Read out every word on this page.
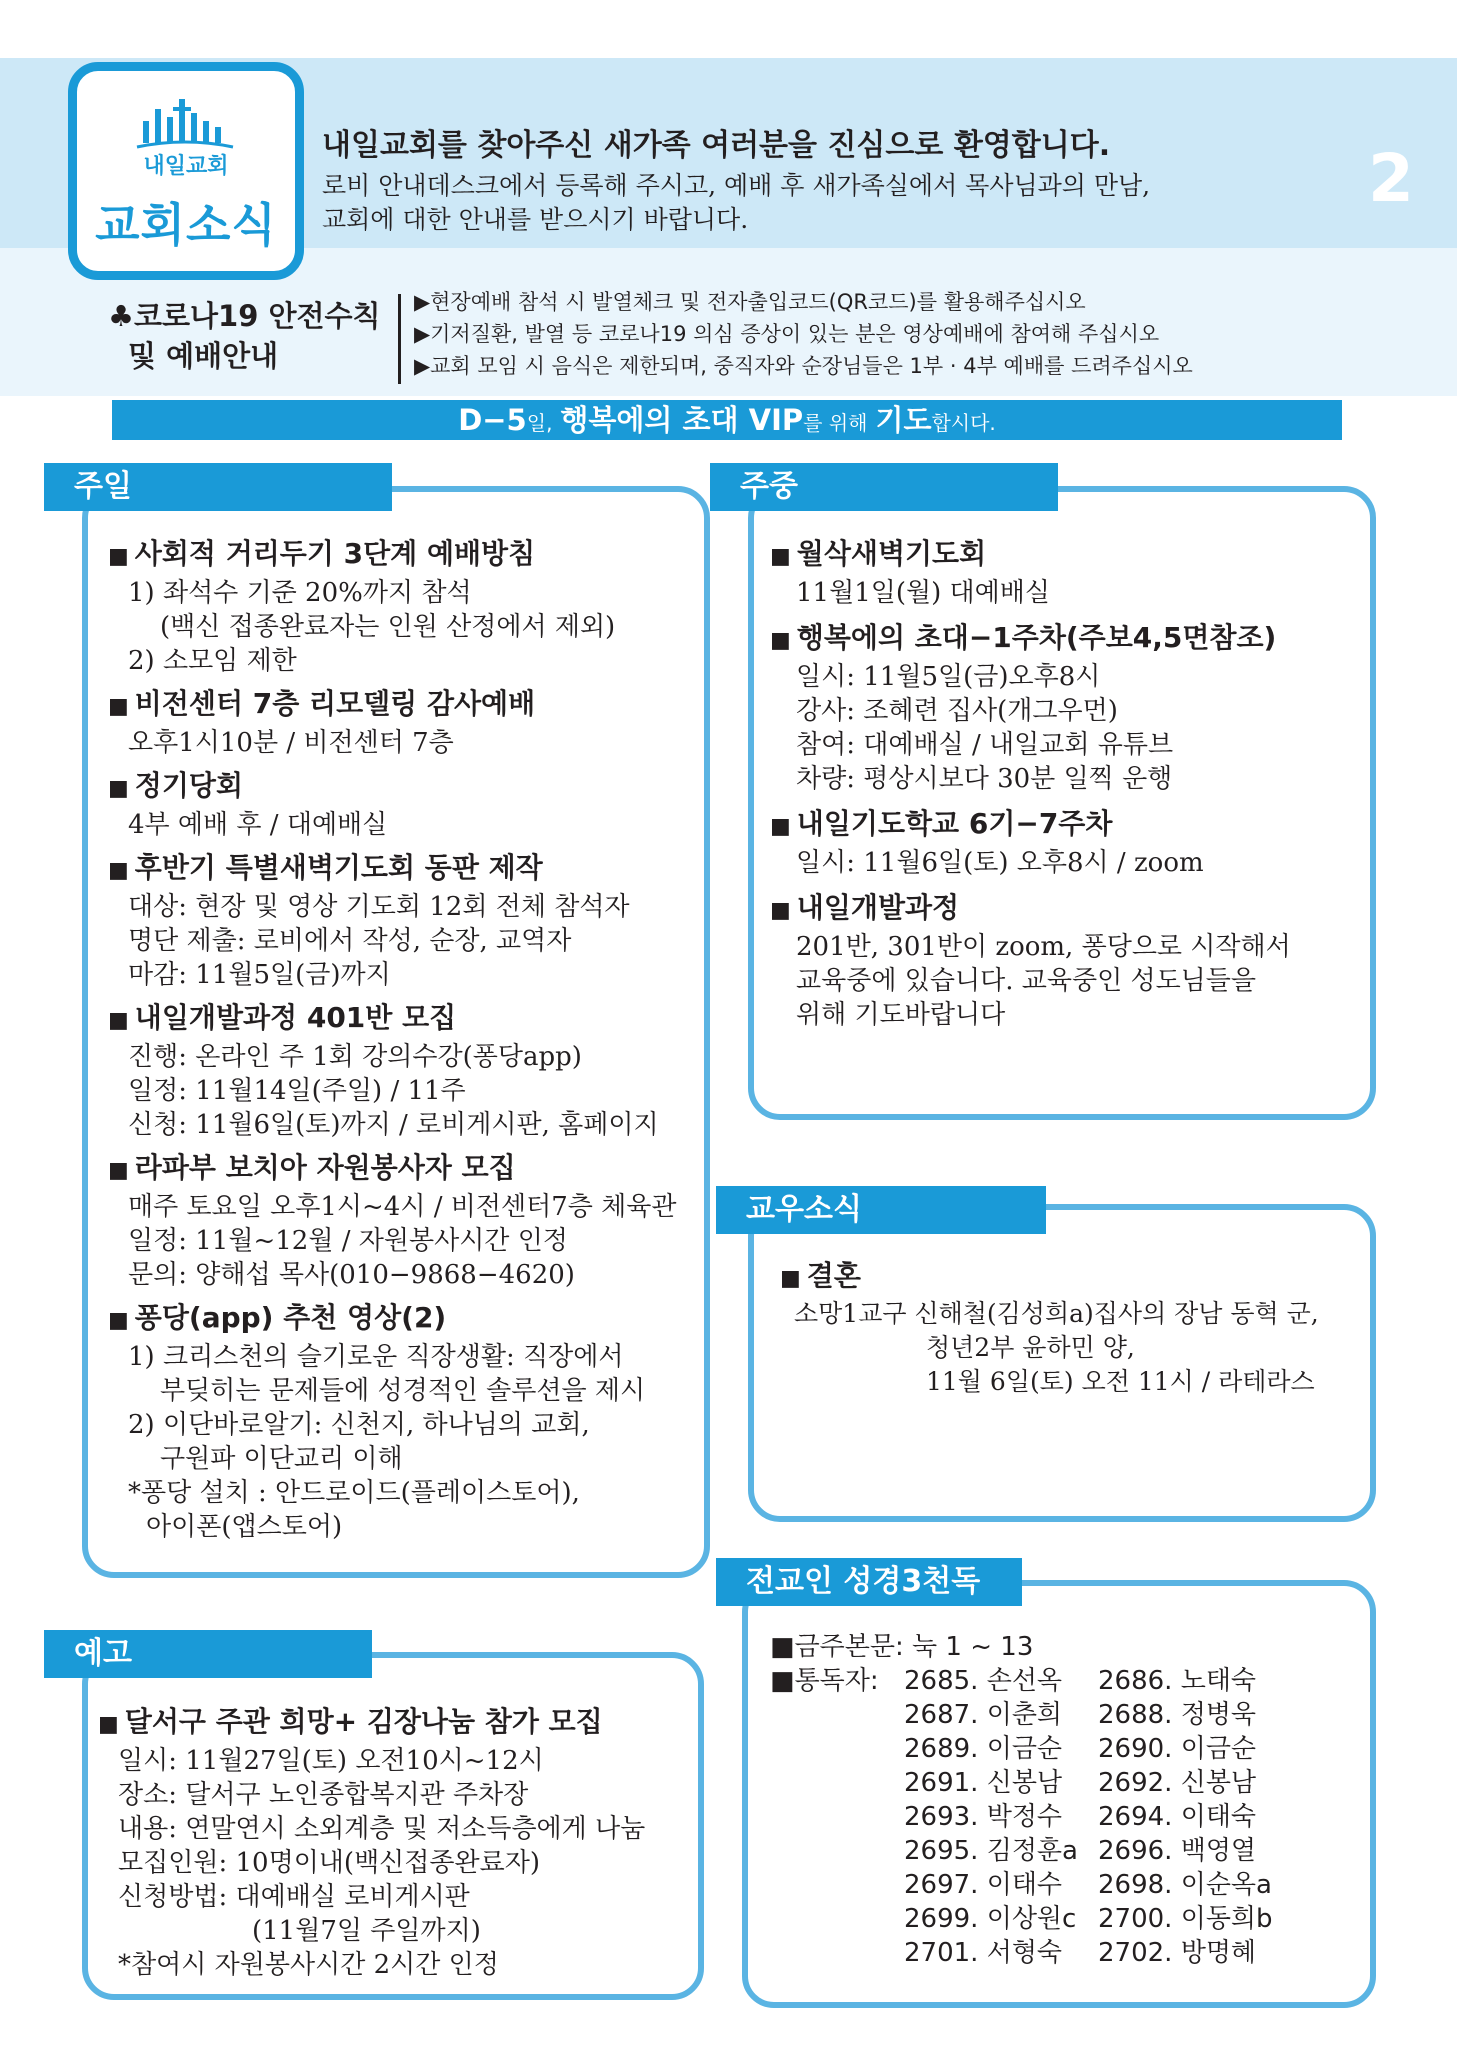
내일교회
교회소식
내일교회를 찾아주신 새가족 여러분을 진심으로 환영합니다.
로비 안내데스크에서 등록해 주시고, 예배 후 새가족실에서 목사님과의 만남,
교회에 대한 안내를 받으시기 바랍니다.
2
♣코로나19 안전수칙
및 예배안내
▶현장예배 참석 시 발열체크 및 전자출입코드(QR코드)를 활용해주십시오
▶기저질환, 발열 등 코로나19 의심 증상이 있는 분은 영상예배에 참여해 주십시오
▶교회 모임 시 음식은 제한되며, 중직자와 순장님들은 1부 · 4부 예배를 드려주십시오
D−5일, 행복에의 초대 VIP를 위해 기도합시다.
주일
■ 사회적 거리두기 3단계 예배방침
1) 좌석수 기준 20%까지 참석
(백신 접종완료자는 인원 산정에서 제외)
2) 소모임 제한
■ 비전센터 7층 리모델링 감사예배
오후1시10분 / 비전센터 7층
■ 정기당회
4부 예배 후 / 대예배실
■ 후반기 특별새벽기도회 동판 제작
대상: 현장 및 영상 기도회 12회 전체 참석자
명단 제출: 로비에서 작성, 순장, 교역자
마감: 11월5일(금)까지
■ 내일개발과정 401반 모집
진행: 온라인 주 1회 강의수강(퐁당app)
일정: 11월14일(주일) / 11주
신청: 11월6일(토)까지 / 로비게시판, 홈페이지
■ 라파부 보치아 자원봉사자 모집
매주 토요일 오후1시~4시 / 비전센터7층 체육관
일정: 11월~12월 / 자원봉사시간 인정
문의: 양해섭 목사(010−9868−4620)
■ 퐁당(app) 추천 영상(2)
1) 크리스천의 슬기로운 직장생활: 직장에서
부딪히는 문제들에 성경적인 솔루션을 제시
2) 이단바로알기: 신천지, 하나님의 교회,
구원파 이단교리 이해
*퐁당 설치 : 안드로이드(플레이스토어),
아이폰(앱스토어)
주중
■ 월삭새벽기도회
11월1일(월) 대예배실
■ 행복에의 초대−1주차(주보4,5면참조)
일시: 11월5일(금)오후8시
강사: 조혜련 집사(개그우먼)
참여: 대예배실 / 내일교회 유튜브
차량: 평상시보다 30분 일찍 운행
■ 내일기도학교 6기−7주차
일시: 11월6일(토) 오후8시 / zoom
■ 내일개발과정
201반, 301반이 zoom, 퐁당으로 시작해서
교육중에 있습니다. 교육중인 성도님들을
위해 기도바랍니다
교우소식
■ 결혼
소망1교구 신해철(김성희a)집사의 장남 동혁 군,
청년2부 윤하민 양,
11월 6일(토) 오전 11시 / 라테라스
예고
■ 달서구 주관 희망+ 김장나눔 참가 모집
일시: 11월27일(토) 오전10시~12시
장소: 달서구 노인종합복지관 주차장
내용: 연말연시 소외계층 및 저소득층에게 나눔
모집인원: 10명이내(백신접종완료자)
신청방법: 대예배실 로비게시판
(11월7일 주일까지)
*참여시 자원봉사시간 2시간 인정
전교인 성경3천독
■금주본문: 눅 1 ~ 13
■통독자: 2685. 손선옥 2686. 노태숙
2687. 이춘희 2688. 정병욱
2689. 이금순 2690. 이금순
2691. 신봉남 2692. 신봉남
2693. 박정수 2694. 이태숙
2695. 김정훈a 2696. 백영열
2697. 이태수 2698. 이순옥a
2699. 이상원c 2700. 이동희b
2701. 서형숙 2702. 방명혜
